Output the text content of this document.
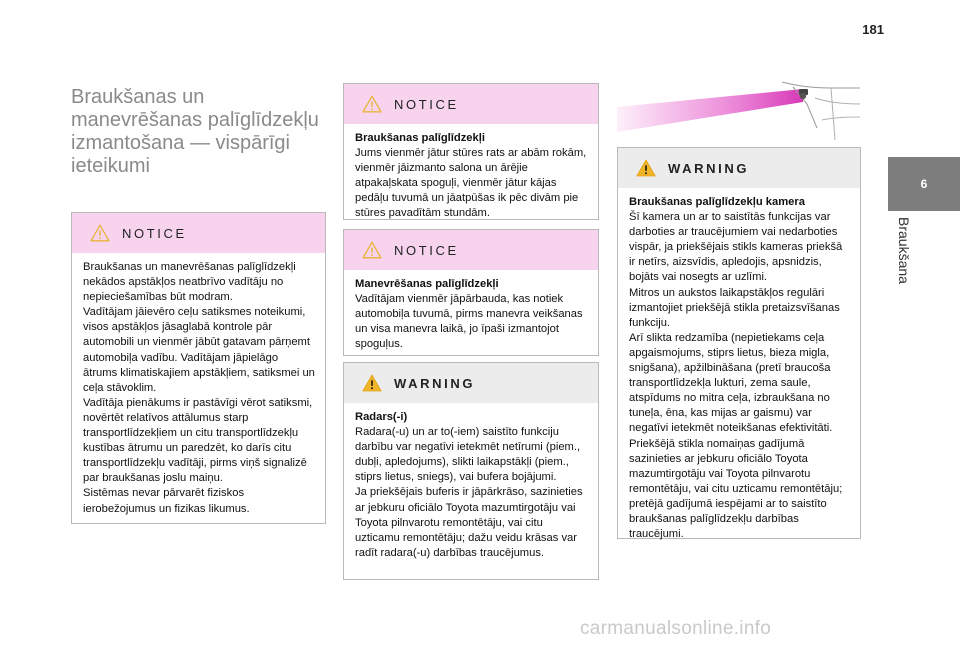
181
6
Braukšana
Braukšanas un manevrēšanas palīglīdzekļu izmantošana — vispārīgi ieteikumi
NOTICE

Braukšanas un manevrēšanas palīglīdzekļi nekādos apstākļos neatbrīvo vadītāju no nepieciešamības būt modram.
Vadītājam jāievēro ceļu satiksmes noteikumi, visos apstākļos jāsaglabā kontrole pār automobili un vienmēr jābūt gatavam pārņemt automobiļa vadību. Vadītājam jāpielāgo ātrums klimatiskajiem apstākļiem, satiksmei un ceļa stāvoklim.
Vadītāja pienākums ir pastāvīgi vērot satiksmi, novērtēt relatīvos attālumus starp transportlīdzekļiem un citu transportlīdzekļu kustības ātrumu un paredzēt, ko darīs citu transportlīdzekļu vadītāji, pirms viņš signalizē par braukšanas joslu maiņu.
Sistēmas nevar pārvarēt fiziskos ierobežojumus un fizikas likumus.

NOTICE

Braukšanas palīglīdzekļi

Jums vienmēr jātur stūres rats ar abām rokām, vienmēr jāizmanto salona un ārējie atpakaļskata spoguļi, vienmēr jātur kājas pedāļu tuvumā un jāatpūšas ik pēc divām pie stūres pavadītām stundām.

NOTICE

Manevrēšanas palīglīdzekļi

Vadītājam vienmēr jāpārbauda, kas notiek automobiļa tuvumā, pirms manevra veikšanas un visa manevra laikā, jo īpaši izmantojot spoguļus.

WARNING

Radars(-i)

Radara(-u) un ar to(-iem) saistīto funkciju darbību var negatīvi ietekmēt netīrumi (piem., dubļi, apledojums), slikti laikapstākļi (piem., stiprs lietus, sniegs), vai bufera bojājumi.
Ja priekšējais buferis ir jāpārkrāso, sazinieties ar jebkuru oficiālo Toyota mazumtirgotāju vai Toyota pilnvarotu remontētāju, vai citu uzticamu remontētāju; dažu veidu krāsas var radīt radara(-u) darbības traucējumus.

WARNING

Braukšanas palīglīdzekļu kamera

Šī kamera un ar to saistītās funkcijas var darboties ar traucējumiem vai nedarboties vispār, ja priekšējais stikls kameras priekšā ir netīrs, aizsvīdis, apledojis, apsnidzis, bojāts vai nosegts ar uzlīmi.
Mitros un aukstos laikapstākļos regulāri izmantojiet priekšējā stikla pretaizsvīšanas funkciju.
Arī slikta redzamība (nepietiekams ceļa apgaismojums, stiprs lietus, bieza migla, snigšana), apžilbināšana (pretī braucoša transportlīdzekļa lukturi, zema saule, atspīdums no mitra ceļa, izbraukšana no tuneļa, ēna, kas mijas ar gaismu) var negatīvi ietekmēt noteikšanas efektivitāti.
Priekšējā stikla nomaiņas gadījumā sazinieties ar jebkuru oficiālo Toyota mazumtirgotāju vai Toyota pilnvarotu remontētāju, vai citu uzticamu remontētāju; pretējā gadījumā iespējami ar to saistīto braukšanas palīglīdzekļu darbības traucējumi.

carmanualsonline.info
